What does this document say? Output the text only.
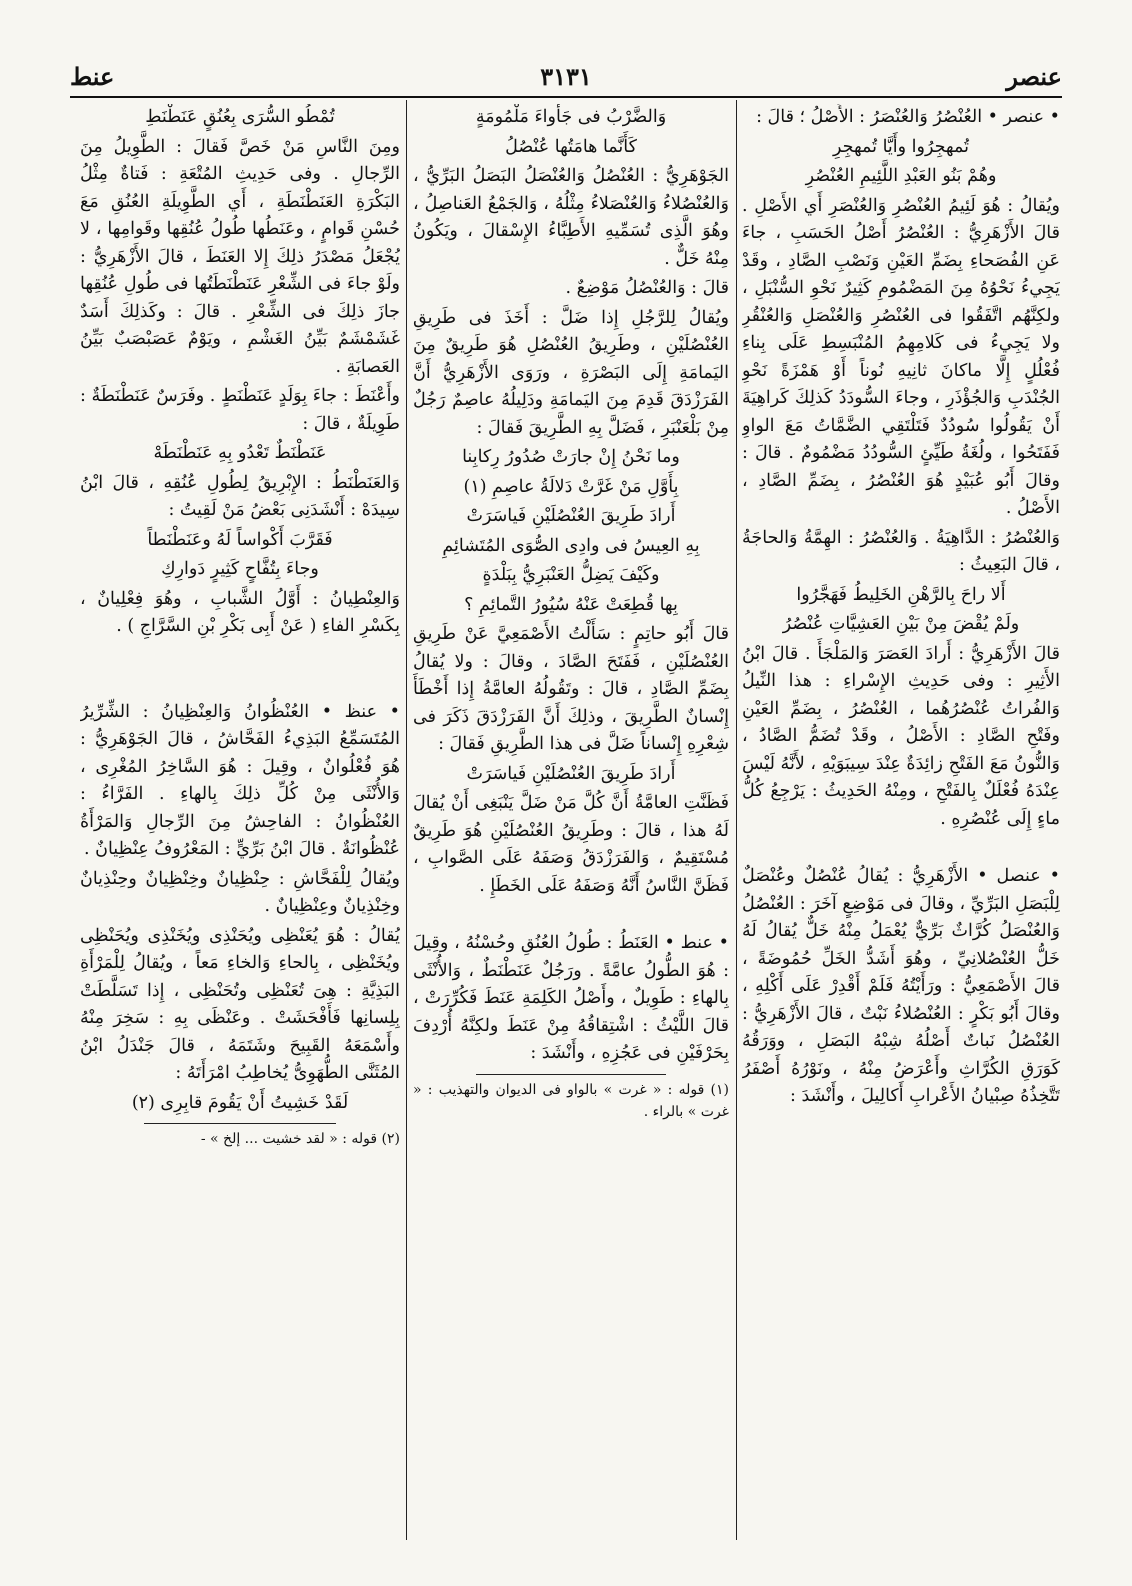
عنصر
٣١٣١
عنط

• عنصر • العُنْصُرُ وَالعُنْصَرُ : الأَصْلُ ؛ قالَ :

تُمهجِرُوا وأَيَّا تُمهجِرِ
وهُمْ بَنُو العَبْدِ اللَّئِيمِ العُنْصُرِ

ويُقالُ : هُوَ لَئِيمُ العُنْصُرِ وَالعُنْصَرِ أَي الأَصْلِ . قالَ الأَزْهَرِيُّ : العُنْصُرُ أَصْلُ الحَسَبِ ، جاءَ عَنِ الفُصَحاءِ بِضَمِّ العَيْنِ وَنَصْبِ الصَّادِ ، وقَدْ يَجِيءُ نَحْوُهُ مِنَ المَضْمُومِ كَثِيرٌ نَحْوِ السُّنْبَلِ ، ولكِنَّهُم اتَّفَقُوا فى العُنْصُرِ وَالعُنْصَلِ وَالعُنْقُرِ ولا يَجِيءُ فى كَلامِهِمُ المُنْبَسِطِ عَلَى بِناءِ فُعْلُلٍ إِلَّا ماكانَ ثانِيهِ نُوناً أَوْ هَمْزَةً نَحْوِ الجُنْدَبِ وَالجُؤْذَرِ ، وجاءَ السُّودَدُ كَذلِكَ كَراهِيَةَ أَنْ يَقُولُوا سُودُدٌ فَتَلْتَقِي الضَّمَّاتُ مَعَ الواوِ فَفَتَحُوا ، ولُغَةُ طَيِّئٍ السُّودُدُ مَضْمُومٌ . قالَ : وقالَ أَبُو عُبَيْدٍ هُوَ العُنْصُرُ ، بِضَمِّ الصَّادِ ، الأَصْلُ .

وَالعُنْصُرُ : الدَّاهِيَةُ . وَالعُنْصُرُ : الهِمَّةُ وَالحاجَةُ ، قالَ البَعِيثُ :

أَلا راحَ بِالرَّهْنِ الخَلِيطُ فَهَجَّرُوا
ولَمْ يُقْضَ مِنْ بَيْنِ العَشِيَّاتِ عُنْصُرُ

قالَ الأَزْهَرِيُّ : أَرادَ العَصَرَ وَالمَلْجَأَ . قالَ ابْنُ الأَثِيرِ : وفى حَدِيثِ الإِسْراءِ : هذا النِّيلُ وَالفُراتُ عُنْصُرُهُما ، العُنْصُرُ ، بِضَمِّ العَيْنِ وفَتْحِ الصَّادِ : الأَصْلُ ، وقَدْ تُضَمُّ الصَّادُ ، وَالنُّونُ مَعَ الفَتْحِ زائِدَةٌ عِنْدَ سِيبَوَيْهِ ، لأَنَّهُ لَيْسَ عِنْدَهُ فُعْلَلٌ بِالفَتْحِ ، ومِنْهُ الحَدِيثُ : يَرْجِعُ كُلُّ ماءٍ إِلَى عُنْصُرِهِ .

• عنصل • الأَزْهَرِيُّ : يُقالُ عُنْصُلٌ وعُنْصَلٌ لِلْبَصَلِ البَرِّيِّ ، وقالَ فى مَوْضِعٍ آخَرَ : العُنْصُلُ وَالعُنْصَلُ كُرَّاثٌ بَرِّيٌّ يُعْمَلُ مِنْهُ خَلٌّ يُقالُ لَهُ خَلُّ العُنْصُلانِيِّ ، وهُوَ أَشَدُّ الخَلِّ حُمُوضَةً ، قالَ الأَصْمَعِيُّ : ورَأَيْتُهُ فَلَمْ أَقْدِرْ عَلَى أَكْلِهِ ، وقالَ أَبُو بَكْرٍ : العُنْصُلاءُ نَبْتٌ ، قالَ الأَزْهَرِيُّ : العُنْصُلُ نَباتٌ أَصْلُهُ شِبْهُ البَصَلِ ، ووَرَقُهُ كَوَرَقِ الكُرَّاثِ وأَعْرَضُ مِنْهُ ، ونَوْرُهُ أَصْفَرُ تَتَّخِذُهُ صِبْيانُ الأَعْرابِ أَكالِيلَ ، وأَنْشَدَ :

وَالضَّرْبُ فى جَأْواءَ مَلْمُومَةٍ
كَأَنَّما هامَتُها عُنْصُلُ

الجَوْهَرِيُّ : العُنْصُلُ وَالعُنْصَلُ البَصَلُ البَرِّيُّ ، وَالعُنْصُلاءُ وَالعُنْصَلاءُ مِثْلُهُ ، وَالجَمْعُ العَناصِلُ ، وهُوَ الَّذِى تُسَمِّيهِ الأَطِبَّاءُ الإِسْقالَ ، ويَكُونُ مِنْهُ خَلٌّ .

قالَ : وَالعُنْصُلُ مَوْضِعٌ .

ويُقالُ لِلرَّجُلِ إِذا ضَلَّ : أَخَذَ فى طَرِيقِ العُنْصُلَيْنِ ، وطَرِيقُ العُنْصُلِ هُوَ طَرِيقٌ مِنَ اليَمامَةِ إِلَى البَصْرَةِ ، ورَوَى الأَزْهَرِيُّ أَنَّ الفَرَزْدَقَ قَدِمَ مِنَ اليَمامَةِ ودَلِيلُهُ عاصِمٌ رَجُلٌ مِنْ بَلْعَنْبَرِ ، فَضَلَّ بِهِ الطَّرِيقَ فَقالَ :

وما نَحْنُ إِنْ جارَتْ صُدُورُ رِكابِنا
بِأَوَّلِ مَنْ غَرَّتْ دَلالَةُ عاصِمِ (١)
أَرادَ طَرِيقَ العُنْصُلَيْنِ فَياسَرَتْ
بِهِ العِيسُ فى وادِى الصُّوَى المُتَشائِمِ
وكَيْفَ يَضِلُّ العَنْبَرِيُّ بِبَلْدَةٍ
بِها قُطِعَتْ عَنْهُ سُيُورُ التَّمائِمِ ؟

قالَ أَبُو حاتِمٍ : سَأَلْتُ الأَصْمَعِيَّ عَنْ طَرِيقِ العُنْصُلَيْنِ ، فَفَتَحَ الصَّادَ ، وقالَ : ولا يُقالُ بِضَمِّ الصَّادِ ، قالَ : وتَقُولُهُ العامَّةُ إِذا أَخْطَأَ إِنْسانٌ الطَّرِيقَ ، وذلِكَ أَنَّ الفَرَزْدَقَ ذَكَرَ فى شِعْرِهِ إِنْساناً ضَلَّ فى هذا الطَّرِيقِ فَقالَ :

أَرادَ طَرِيقَ العُنْصُلَيْنِ فَياسَرَتْ

فَظَنَّتِ العامَّةُ أَنَّ كُلَّ مَنْ ضَلَّ يَنْبَغِى أَنْ يُقالَ لَهُ هذا ، قالَ : وطَرِيقُ العُنْصُلَيْنِ هُوَ طَرِيقٌ مُسْتَقِيمٌ ، وَالفَرَزْدَقُ وَصَفَهُ عَلَى الصَّوابِ ، فَظَنَّ النَّاسُ أَنَّهُ وَصَفَهُ عَلَى الخَطَإِ .

• عنط • العَنَطُ : طُولُ العُنُقِ وحُسْنُهُ ، وقِيلَ : هُوَ الطُّولُ عامَّةً . ورَجُلٌ عَنَطْنَطٌ ، وَالأُنْثَى بِالهاءِ : طَوِيلٌ ، وأَصْلُ الكَلِمَةِ عَنَطَ فَكُرِّرَتْ ، قالَ اللَّيْثُ : اشْتِقاقُهُ مِنْ عَنَطَ ولكِنَّهُ أُرْدِفَ بِحَرْفَيْنِ فى عَجُزِهِ ، وأَنْشَدَ :

(١) قوله : « غرت » بالواو فى الديوان والتهذيب : « غرت » بالراء .
تُمْطُو السُّرَى بِعُنُقٍ عَنَطْنَطِ

ومِنَ النَّاسِ مَنْ خَصَّ فَقالَ : الطَّوِيلُ مِنَ الرِّجالِ . وفى حَدِيثِ المُتْعَةِ : فَتاةٌ مِثْلُ البَكْرَةِ العَنَطْنَطَةِ ، أَي الطَّوِيلَةِ العُنُقِ مَعَ حُسْنِ قَوامٍ ، وعَنَطُها طُولُ عُنُقِها وقَوامِها ، لا يُجْعَلُ مَصْدَرُ ذلِكَ إِلا العَنَطَ ، قالَ الأَزْهَرِيُّ : ولَوْ جاءَ فى الشِّعْرِ عَنَطْنَطَتُها فى طُولِ عُنُقِها جازَ ذلِكَ فى الشِّعْرِ . قالَ : وكَذلِكَ أَسَدٌ غَشَمْشَمٌ بَيِّنُ الغَشْمِ ، ويَوْمٌ عَصَبْصَبٌ بَيِّنُ العَصابَةِ .

وأَعْنَطَ : جاءَ بِوَلَدٍ عَنَطْنَطٍ . وفَرَسٌ عَنَطْنَطَةٌ : طَوِيلَةٌ ، قالَ :

عَنَطْنَطٌ تَعْدُو بِهِ عَنَطْنَطَهْ

وَالعَنَطْنَطُ : الإِبْرِيقُ لِطُولِ عُنُقِهِ ، قالَ ابْنُ سِيدَهْ : أَنْشَدَنِى بَعْضُ مَنْ لَقِيتُ :

فَقَرَّبَ أَكْواساً لَهُ وعَنَطْنَطاً
وجاءَ بِتُفَّاحٍ كَثِيرٍ دَوارِكِ

وَالعِنْطِيانُ : أَوَّلُ الشَّبابِ ، وهُوَ فِعْلِيانٌ ، بِكَسْرِ الفاءِ ( عَنْ أَبِى بَكْرِ بْنِ السَّرَّاجِ ) .

• عنظ • العُنْظُوانُ وَالعِنْظِيانُ : الشِّرِّيرُ المُتَسَمِّعُ البَذِيءُ الفَحَّاشُ ، قالَ الجَوْهَرِيُّ : هُوَ فُعْلُوانٌ ، وقِيلَ : هُوَ السَّاخِرُ المُغْرِى ، وَالأُنْثَى مِنْ كُلِّ ذلِكَ بِالهاءِ . الفَرَّاءُ : العُنْظُوانُ : الفاحِشُ مِنَ الرِّجالِ وَالمَرْأَةُ عُنْظُوانَةٌ . قالَ ابْنُ بَرِّيٍّ : المَعْرُوفُ عِنْظِيانٌ .

ويُقالُ لِلْفَحَّاشِ : حِنْظِيانٌ وخِنْظِيانٌ وحِنْذِيانٌ وخِنْذِيانٌ وعِنْظِيانٌ .

يُقالُ : هُوَ يُعَنْظِى ويُحَنْذِى ويُخَنْذِى ويُحَنْظِى ويُخَنْظِى ، بِالحاءِ وَالخاءِ مَعاً ، ويُقالُ لِلْمَرْأَةِ البَذِيَّةِ : هِىَ تُعَنْظِى وتُحَنْظِى ، إِذا تَسَلَّطَتْ بِلِسانِها فَأَفْحَشَتْ . وعَنْظَى بِهِ : سَخِرَ مِنْهُ وأَسْمَعَهُ القَبِيحَ وشَتَمَهُ ، قالَ جَنْدَلُ ابْنُ المُثَنَّى الطُّهَوِىُّ يُخاطِبُ امْرَأَتَهُ :

لَقَدْ خَشِيتُ أَنْ يَقُومَ قابِرِى (٢)
(٢) قوله : « لقد خشيت ... إلخ » -
